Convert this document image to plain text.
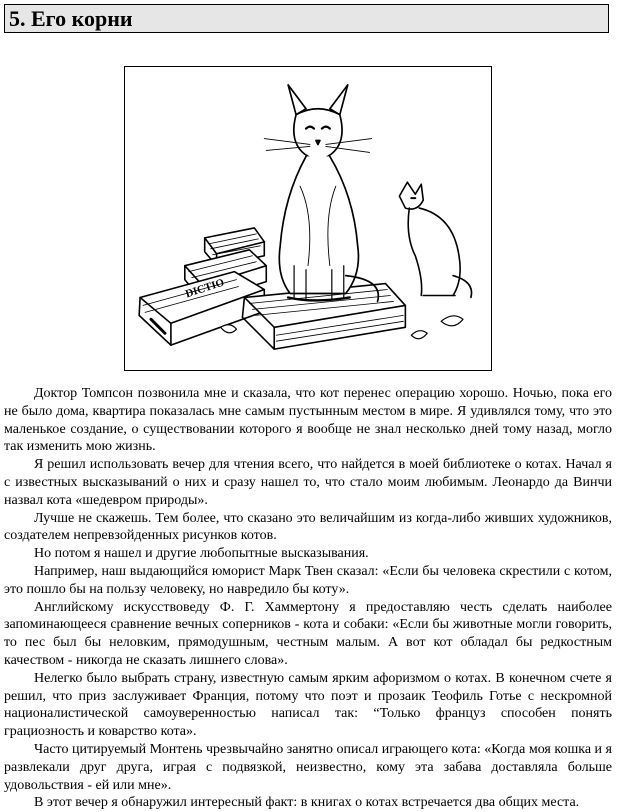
5. Его корни
DICTIO

Доктор Томпсон позвонила мне и сказала, что кот перенес операцию хорошо. Ночью, пока его не было дома, квартира показалась мне самым пустынным местом в мире. Я удивлялся тому, что это маленькое создание, о существовании которого я вообще не знал несколько дней тому назад, могло так изменить мою жизнь.

Я решил использовать вечер для чтения всего, что найдется в моей библиотеке о котах. Начал я с известных высказываний о них и сразу нашел то, что стало моим любимым. Леонардо да Винчи назвал кота «шедевром природы».

Лучше не скажешь. Тем более, что сказано это величайшим из когда-либо живших художников, создателем непревзойденных рисунков котов.

Но потом я нашел и другие любопытные высказывания.

Например, наш выдающийся юморист Марк Твен сказал: «Если бы человека скрестили с котом, это пошло бы на пользу человеку, но навредило бы коту».

Английскому искусствоведу Ф. Г. Хаммертону я предоставляю честь сделать наиболее запоминающееся сравнение вечных соперников - кота и собаки: «Если бы животные могли говорить, то пес был бы неловким, прямодушным, честным малым. А вот кот обладал бы редкостным качеством - никогда не сказать лишнего слова».

Нелегко было выбрать страну, известную самым ярким афоризмом о котах. В конечном счете я решил, что приз заслуживает Франция, потому что поэт и прозаик Теофиль Готье с нескромной националистической самоуверенностью написал так: “Только француз способен понять грациозность и коварство кота».

Часто цитируемый Монтень чрезвычайно занятно описал играющего кота: «Когда моя кошка и я развлекали друг друга, играя с подвязкой, неизвестно, кому эта забава доставляла больше удовольствия - ей или мне».

В этот вечер я обнаружил интересный факт: в книгах о котах встречается два общих места.
